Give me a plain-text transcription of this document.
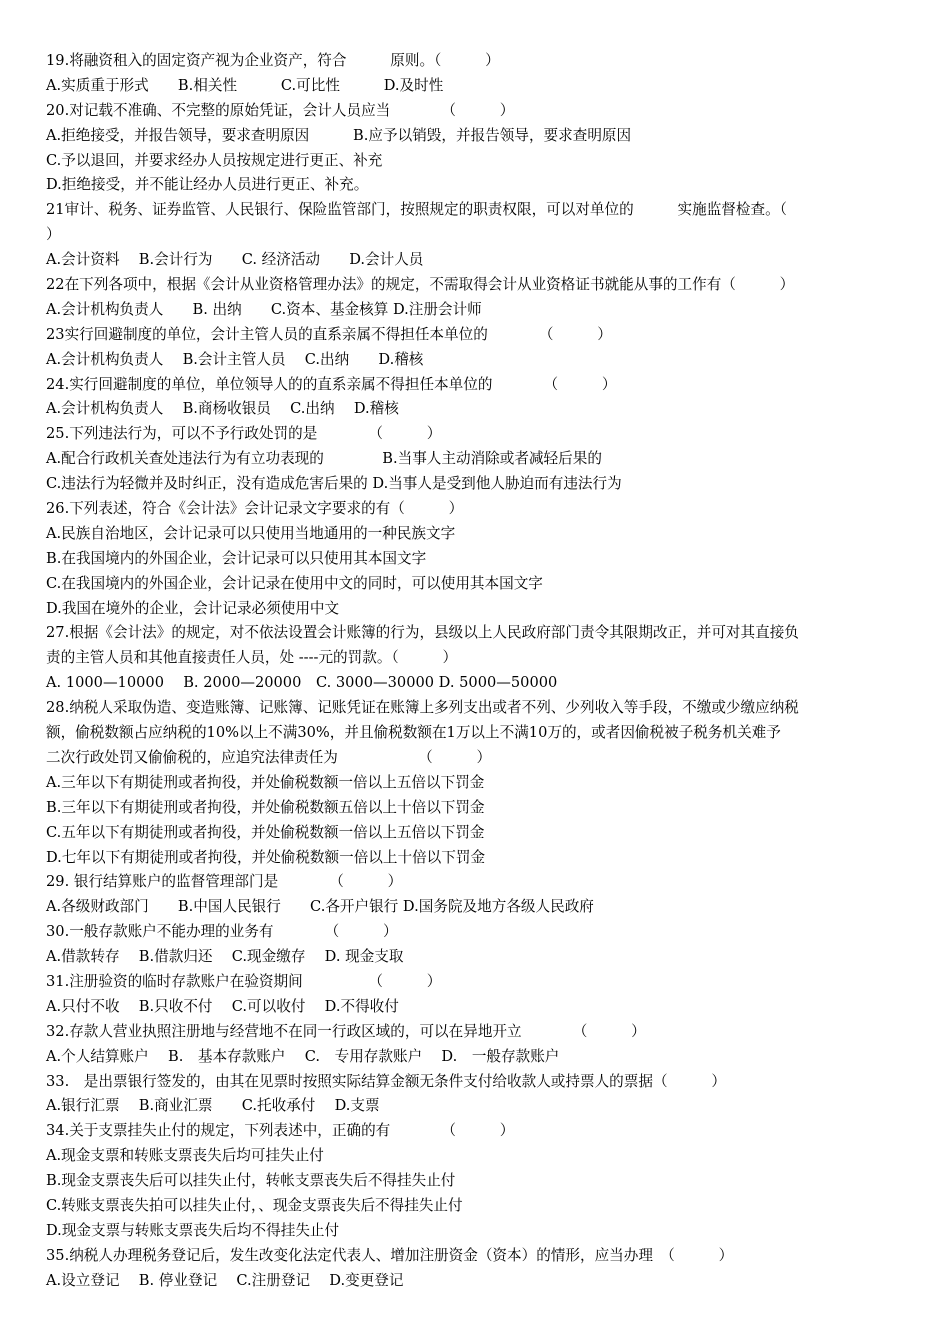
19.将融资租入的固定资产视为企业资产，符合　　　原则。（　　　）
A.实质重于形式　　B.相关性　　　C.可比性　　　D.及时性
20.对记载不准确、不完整的原始凭证，会计人员应当　　　　（　　　）
A.拒绝接受，并报告领导，要求查明原因　　　B.应予以销毁，并报告领导，要求查明原因
C.予以退回，并要求经办人员按规定进行更正、补充
D.拒绝接受，并不能让经办人员进行更正、补充。
21审计、税务、证券监管、人民银行、保险监管部门，按照规定的职责权限，可以对单位的　　　实施监督检查。（
）
A.会计资料　 B.会计行为　　C. 经济活动　　D.会计人员
22在下列各项中，根据《会计从业资格管理办法》的规定，不需取得会计从业资格证书就能从事的工作有（　　　）
A.会计机构负责人　　B. 出纳　　C.资本、基金核算 D.注册会计师
23实行回避制度的单位，会计主管人员的直系亲属不得担任本单位的　　　　（　　　）
A.会计机构负责人　 B.会计主管人员　 C.出纳　　D.稽核
24.实行回避制度的单位，单位领导人的的直系亲属不得担任本单位的　　　　（　　　）
A.会计机构负责人　 B.商杨收银员　 C.出纳　 D.稽核
25.下列违法行为，可以不予行政处罚的是　　　　（　　　）
A.配合行政机关查处违法行为有立功表现的　　　　B.当事人主动消除或者减轻后果的
C.违法行为轻微并及时纠正，没有造成危害后果的 D.当事人是受到他人胁迫而有违法行为
26.下列表述，符合《会计法》会计记录文字要求的有（　　　）
A.民族自治地区，会计记录可以只使用当地通用的一种民族文字
B.在我国境内的外国企业，会计记录可以只使用其本国文字
C.在我国境内的外国企业，会计记录在使用中文的同时，可以使用其本国文字
D.我国在境外的企业，会计记录必须使用中文
27.根据《会计法》的规定，对不依法设置会计账簿的行为，县级以上人民政府部门责令其限期改正，并可对其直接负
责的主管人员和其他直接责任人员，处 ----元的罚款。（　　　）
A. 1000—10000　 B. 2000—20000　C. 3000—30000 D. 5000—50000
28.纳税人采取伪造、变造账簿、记账簿、记账凭证在账簿上多列支出或者不列、少列收入等手段，不缴或少缴应纳税
额，偷税数额占应纳税的10%以上不满30%，并且偷税数额在1万以上不满10万的，或者因偷税被子税务机关难予
二次行政处罚又偷偷税的，应追究法律责任为　　　　　　（　　　）
A.三年以下有期徒刑或者拘役，并处偷税数额一倍以上五倍以下罚金
B.三年以下有期徒刑或者拘役，并处偷税数额五倍以上十倍以下罚金
C.五年以下有期徒刑或者拘役，并处偷税数额一倍以上五倍以下罚金
D.七年以下有期徒刑或者拘役，并处偷税数额一倍以上十倍以下罚金
29. 银行结算账户的监督管理部门是　　　　（　　　）
A.各级财政部门　　B.中国人民银行　　C.各开户银行 D.国务院及地方各级人民政府
30.一般存款账户不能办理的业务有　　　　（　　　）
A.借款转存　 B.借款归还　 C.现金缴存　 D. 现金支取
31.注册验资的临时存款账户在验资期间　　　　　（　　　）
A.只付不收　 B.只收不付　 C.可以收付　 D.不得收付
32.存款人营业执照注册地与经营地不在同一行政区域的，可以在异地开立　　　　（　　　）
A.个人结算账户　 B.　基本存款账户　 C.　专用存款账户　 D.　一般存款账户
33.　是出票银行签发的，由其在见票时按照实际结算金额无条件支付给收款人或持票人的票据（　　　）
A.银行汇票　 B.商业汇票　　C.托收承付　 D.支票
34.关于支票挂失止付的规定，下列表述中，正确的有　　　　（　　　）
A.现金支票和转账支票丧失后均可挂失止付
B.现金支票丧失后可以挂失止付，转帐支票丧失后不得挂失止付
C.转账支票丧失拍可以挂失止付，、现金支票丧失后不得挂失止付
D.现金支票与转账支票丧失后均不得挂失止付
35.纳税人办理税务登记后，发生改变化法定代表人、增加注册资金（资本）的情形，应当办理　（　　　）
A.设立登记　 B. 停业登记　 C.注册登记　 D.变更登记
